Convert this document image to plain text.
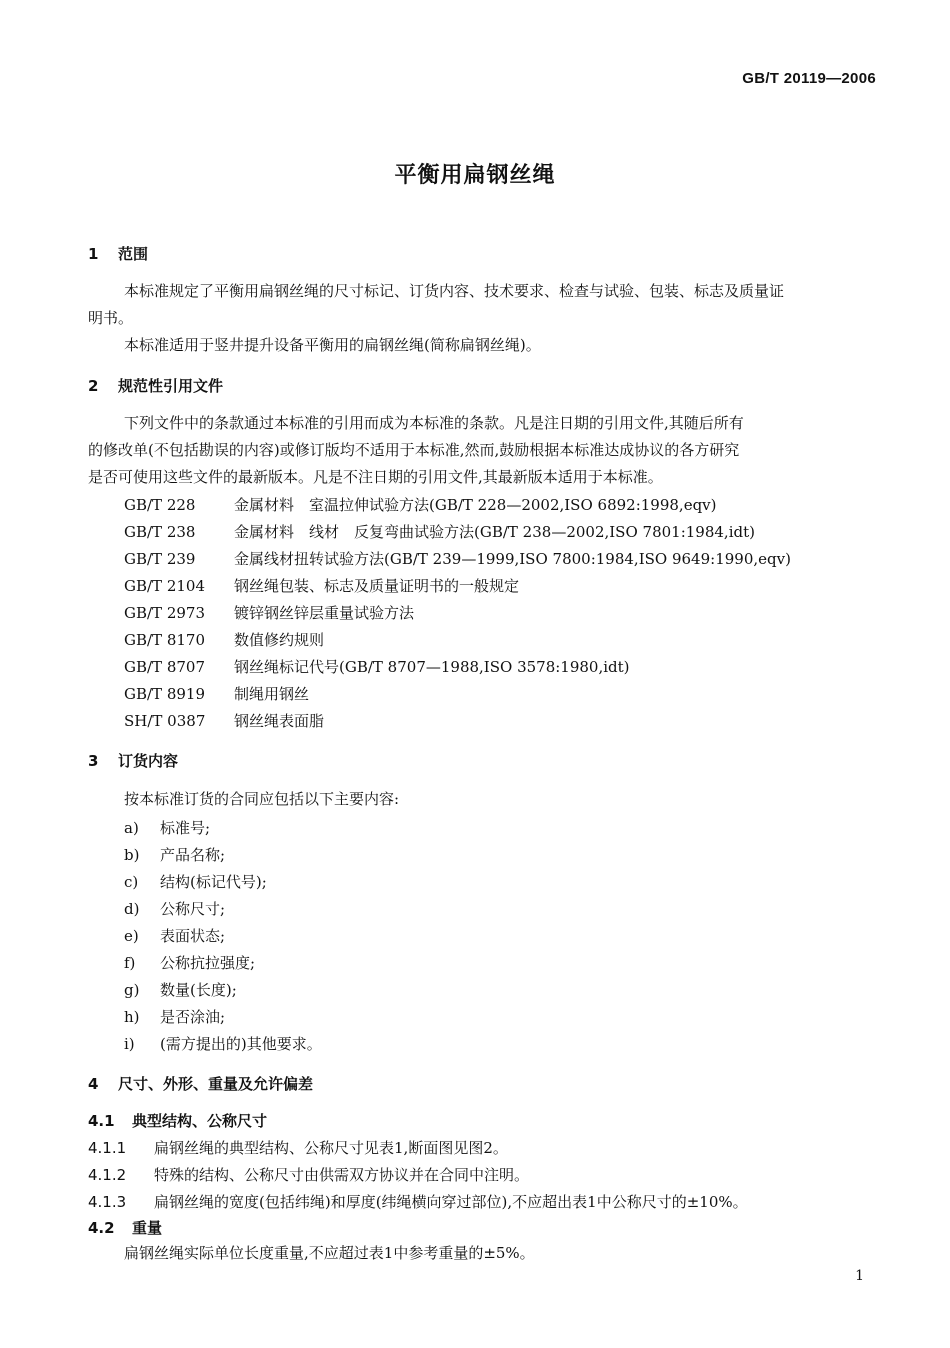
GB/T 20119—2006
平衡用扁钢丝绳
1 范围
本标准规定了平衡用扁钢丝绳的尺寸标记、订货内容、技术要求、检查与试验、包装、标志及质量证
明书。
本标准适用于竖井提升设备平衡用的扁钢丝绳(简称扁钢丝绳)。
2 规范性引用文件
下列文件中的条款通过本标准的引用而成为本标准的条款。凡是注日期的引用文件,其随后所有
的修改单(不包括勘误的内容)或修订版均不适用于本标准,然而,鼓励根据本标准达成协议的各方研究
是否可使用这些文件的最新版本。凡是不注日期的引用文件,其最新版本适用于本标准。
GB/T 228	金属材料　室温拉伸试验方法(GB/T 228—2002,ISO 6892:1998,eqv)
GB/T 238	金属材料　线材　反复弯曲试验方法(GB/T 238—2002,ISO 7801:1984,idt)
GB/T 239	金属线材扭转试验方法(GB/T 239—1999,ISO 7800:1984,ISO 9649:1990,eqv)
GB/T 2104 钢丝绳包装、标志及质量证明书的一般规定
GB/T 2973 镀锌钢丝锌层重量试验方法
GB/T 8170 数值修约规则
GB/T 8707 钢丝绳标记代号(GB/T 8707—1988,ISO 3578:1980,idt)
GB/T 8919 制绳用钢丝
SH/T 0387 钢丝绳表面脂
3 订货内容
按本标准订货的合同应包括以下主要内容:
a) 标准号;
b) 产品名称;
c) 结构(标记代号);
d) 公称尺寸;
e) 表面状态;
f) 公称抗拉强度;
g) 数量(长度);
h) 是否涂油;
i) (需方提出的)其他要求。
4 尺寸、外形、重量及允许偏差
4.1 典型结构、公称尺寸
4.1.1 扁钢丝绳的典型结构、公称尺寸见表1,断面图见图2。
4.1.2 特殊的结构、公称尺寸由供需双方协议并在合同中注明。
4.1.3 扁钢丝绳的宽度(包括纬绳)和厚度(纬绳横向穿过部位),不应超出表1中公称尺寸的±10%。
4.2 重量
扁钢丝绳实际单位长度重量,不应超过表1中参考重量的±5%。
1
